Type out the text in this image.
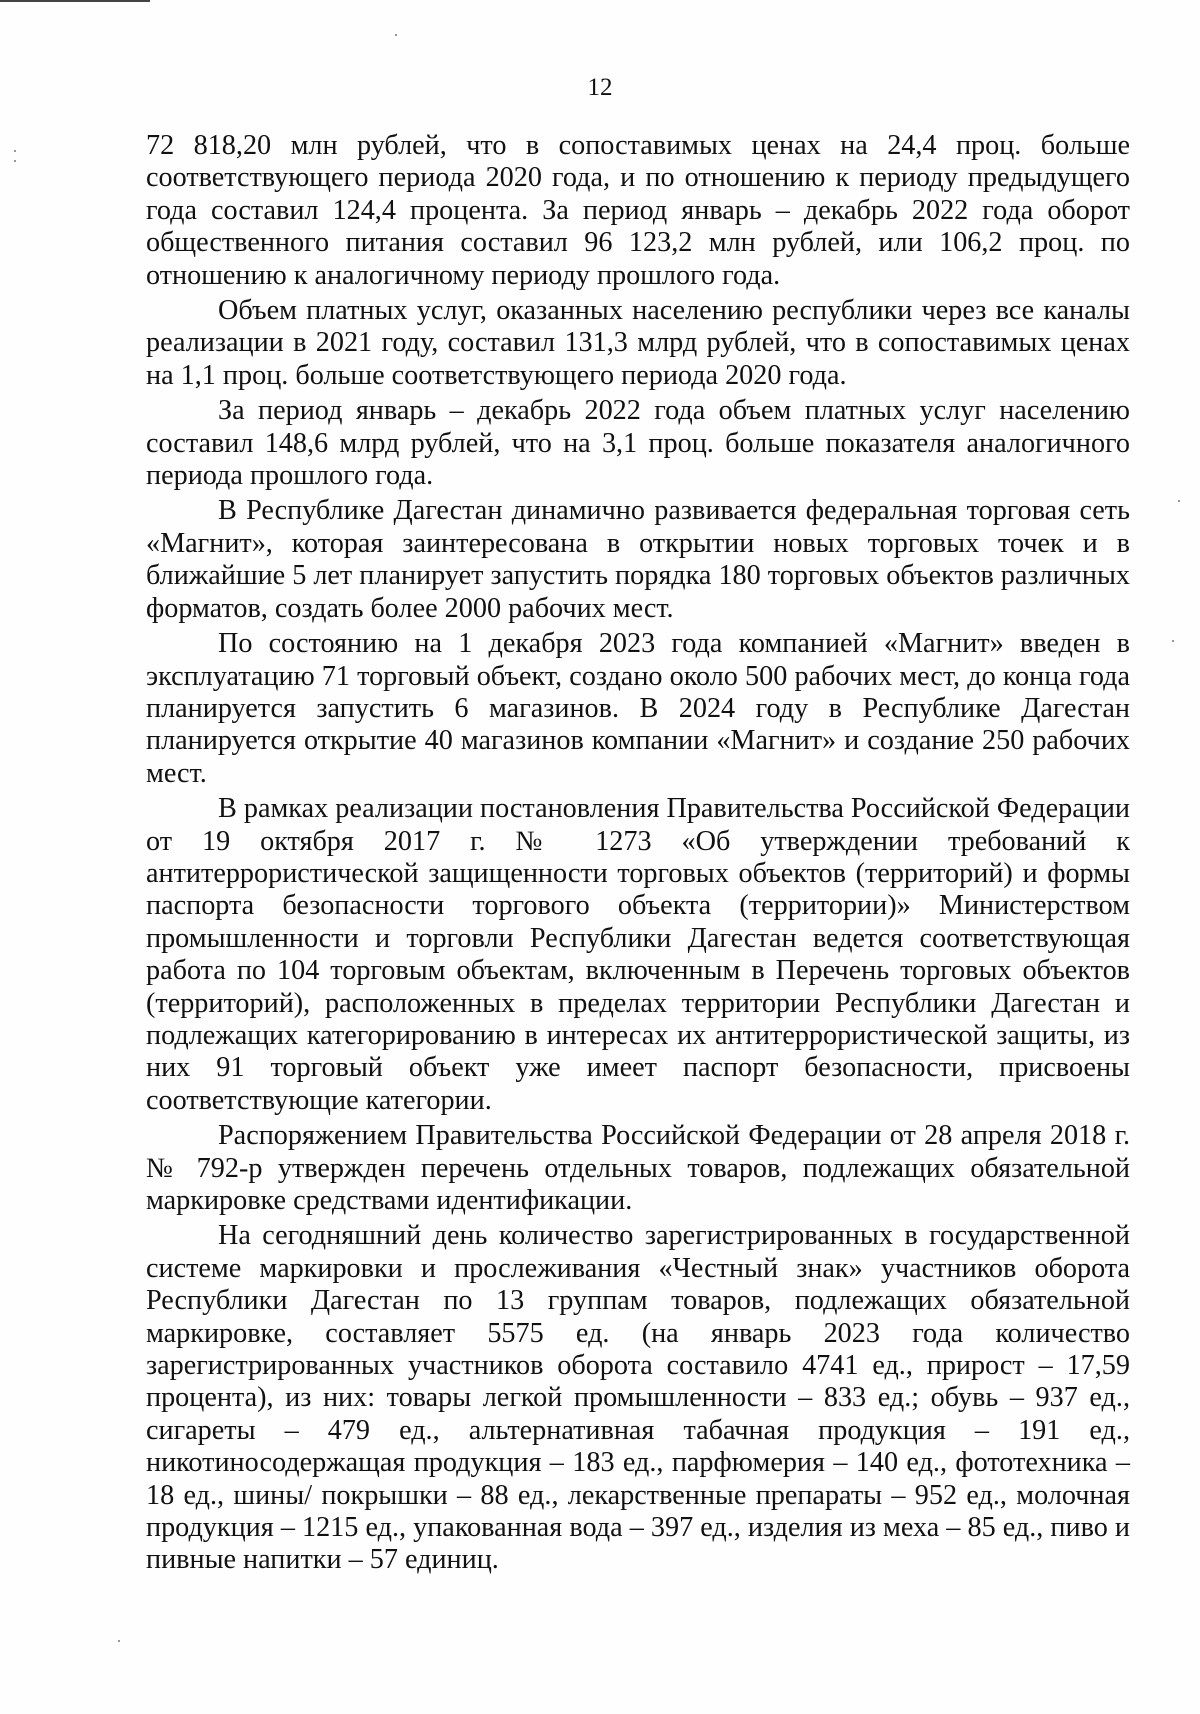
12

72 818,20 млн рублей, что в сопоставимых ценах на 24,4 проц. больше соответствующего периода 2020 года, и по отношению к периоду предыдущего года составил 124,4 процента. За период январь – декабрь 2022 года оборот общественного питания составил 96 123,2 млн рублей, или 106,2 проц. по отношению к аналогичному периоду прошлого года.

Объем платных услуг, оказанных населению республики через все каналы реализации в 2021 году, составил 131,3 млрд рублей, что в сопоставимых ценах на 1,1 проц. больше соответствующего периода 2020 года.

За период январь – декабрь 2022 года объем платных услуг населению составил 148,6 млрд рублей, что на 3,1 проц. больше показателя аналогичного периода прошлого года.

В Республике Дагестан динамично развивается федеральная торговая сеть «Магнит», которая заинтересована в открытии новых торговых точек и в ближайшие 5 лет планирует запустить порядка 180 торговых объектов различных форматов, создать более 2000 рабочих мест.

По состоянию на 1 декабря 2023 года компанией «Магнит» введен в эксплуатацию 71 торговый объект, создано около 500 рабочих мест, до конца года планируется запустить 6 магазинов. В 2024 году в Республике Дагестан планируется открытие 40 магазинов компании «Магнит» и создание 250 рабочих мест.

В рамках реализации постановления Правительства Российской Федерации от 19 октября 2017 г. № 1273 «Об утверждении требований к антитеррористической защищенности торговых объектов (территорий) и формы паспорта безопасности торгового объекта (территории)» Министерством промышленности и торговли Республики Дагестан ведется соответствующая работа по 104 торговым объектам, включенным в Перечень торговых объектов (территорий), расположенных в пределах территории Республики Дагестан и подлежащих категорированию в интересах их антитеррористической защиты, из них 91 торговый объект уже имеет паспорт безопасности, присвоены соответствующие категории.

Распоряжением Правительства Российской Федерации от 28 апреля 2018 г. № 792-р утвержден перечень отдельных товаров, подлежащих обязательной маркировке средствами идентификации.

На сегодняшний день количество зарегистрированных в государственной системе маркировки и прослеживания «Честный знак» участников оборота Республики Дагестан по 13 группам товаров, подлежащих обязательной маркировке, составляет 5575 ед. (на январь 2023 года количество зарегистрированных участников оборота составило 4741 ед., прирост – 17,59 процента), из них: товары легкой промышленности – 833 ед.; обувь – 937 ед., сигареты – 479 ед., альтернативная табачная продукция – 191 ед., никотиносодержащая продукция – 183 ед., парфюмерия – 140 ед., фототехника – 18 ед., шины/ покрышки – 88 ед., лекарственные препараты – 952 ед., молочная продукция – 1215 ед., упакованная вода – 397 ед., изделия из меха – 85 ед., пиво и пивные напитки – 57 единиц.
